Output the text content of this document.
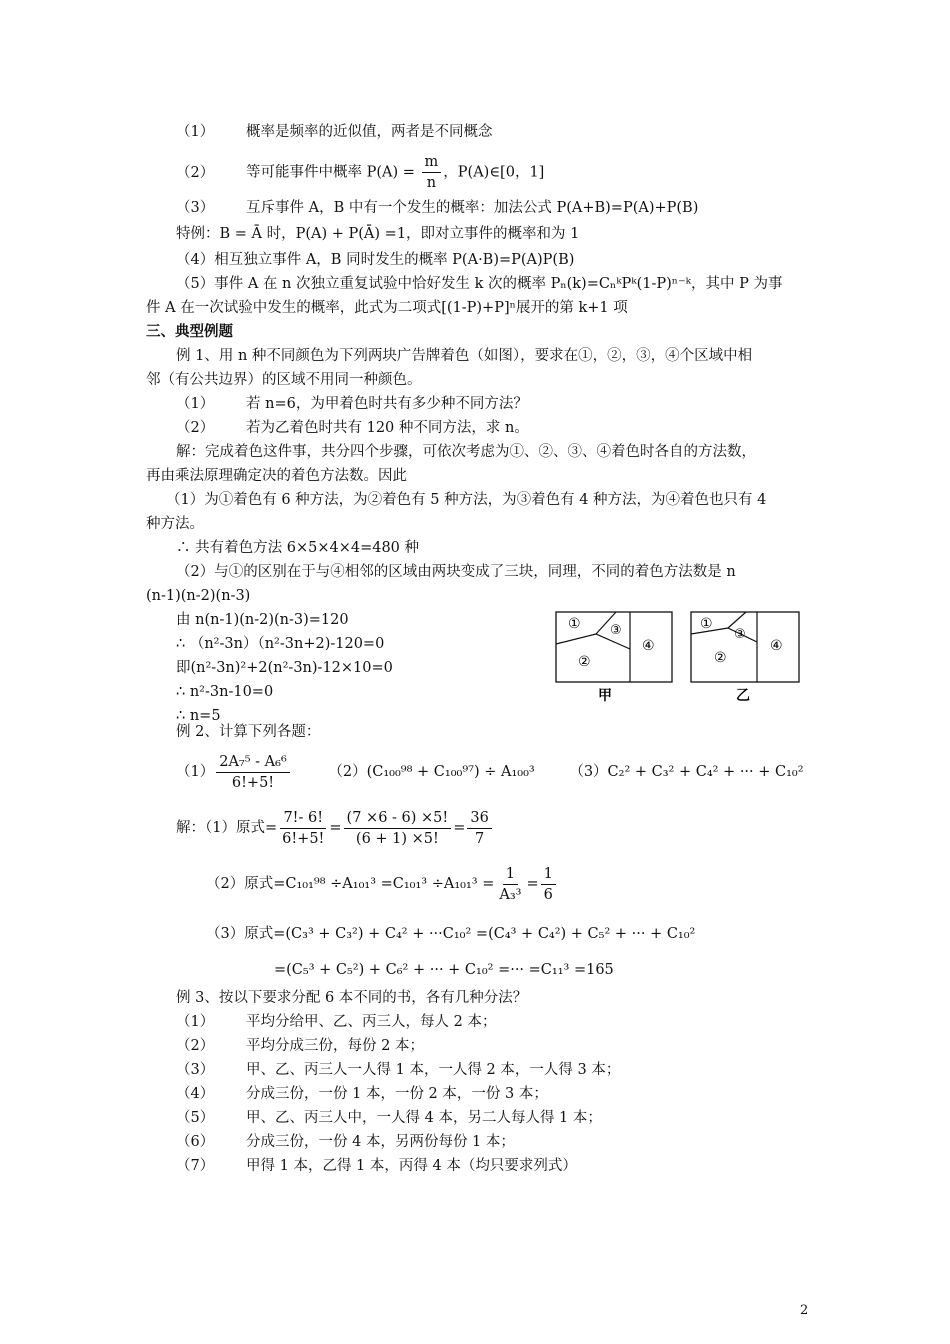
（1） 概率是频率的近似值，两者是不同概念
（2） 等可能事件中概率 $P(A) = \frac{m}{n}$ ，P(A)∈[0，1]
（3） 互斥事件 A，B 中有一个发生的概率：加法公式 P(A+B)=P(A)+P(B)
特例：B = Ā 时，P(A) + P(Ā) =1，即对立事件的概率和为 1
（4）相互独立事件 A，B 同时发生的概率 P(A·B)=P(A)P(B)
（5）事件 A 在 n 次独立重复试验中恰好发生 k 次的概率 Pₙ(k)=CₙᵏPᵏ(1-P)ⁿ⁻ᵏ，其中 P 为事
件 A 在一次试验中发生的概率，此式为二项式[(1-P)+P]ⁿ展开的第 k+1 项
三、典型例题
例 1、用 n 种不同颜色为下列两块广告牌着色（如图），要求在①，②，③，④个区域中相
邻（有公共边界）的区域不用同一种颜色。
（1） 若 n=6，为甲着色时共有多少种不同方法？
（2） 若为乙着色时共有 120 种不同方法，求 n。
解：完成着色这件事，共分四个步骤，可依次考虑为①、②、③、④着色时各自的方法数，
再由乘法原理确定决的着色方法数。因此
（1）为①着色有 6 种方法，为②着色有 5 种方法，为③着色有 4 种方法，为④着色也只有 4
种方法。
∴ 共有着色方法 6×5×4×4=480 种
（2）与①的区别在于与④相邻的区域由两块变成了三块，同理，不同的着色方法数是 n
(n-1)(n-2)(n-3)
由 n(n-1)(n-2)(n-3)=120
∴ （n²-3n）（n²-3n+2)-120=0
即(n²-3n)²+2(n²-3n)-12×10=0
∴ n²-3n-10=0
∴ n=5
① ③
②
④
甲
①
③
②
④
乙
例 2、计算下列各题：
$(1) \frac{\text{2A₇⁵ - A₆⁶}}{6!+5!}$	（2）(C₁₀₀⁹⁸ + C₁₀₀⁹⁷) ÷ A₁₀₀³ （3）C₂² + C₃² + C₄² + ··· + C₁₀²
解：（1）原式= $\frac{7!- 6!}{6!+5!} = \frac{(7 \times 6 - 6) \times 5!}{(6 + 1) \times 5!} = \frac{36}{7}$
（2）原式$=C_{101}^{98} \div A_{101}^3 =C_{101}^3 \div A_{101}^3 = \frac{1}{\text{A₃³}} = \frac{1}{6}$
（3）原式=(C₃³ + C₃²) + C₄² + ···C₁₀² =(C₄³ + C₄²) + C₅² + ··· + C₁₀²
=(C₅³ + C₅²) + C₆² + ··· + C₁₀² =··· =C₁₁³ =165
例 3、按以下要求分配 6 本不同的书，各有几种分法？
（1） 平均分给甲、乙、丙三人，每人 2 本；
（2） 平均分成三份，每份 2 本；
（3） 甲、乙、丙三人一人得 1 本，一人得 2 本，一人得 3 本；
（4） 分成三份，一份 1 本，一份 2 本，一份 3 本；
（5） 甲、乙、丙三人中，一人得 4 本，另二人每人得 1 本；
（6） 分成三份，一份 4 本，另两份每份 1 本；
（7） 甲得 1 本，乙得 1 本，丙得 4 本（均只要求列式）
2
